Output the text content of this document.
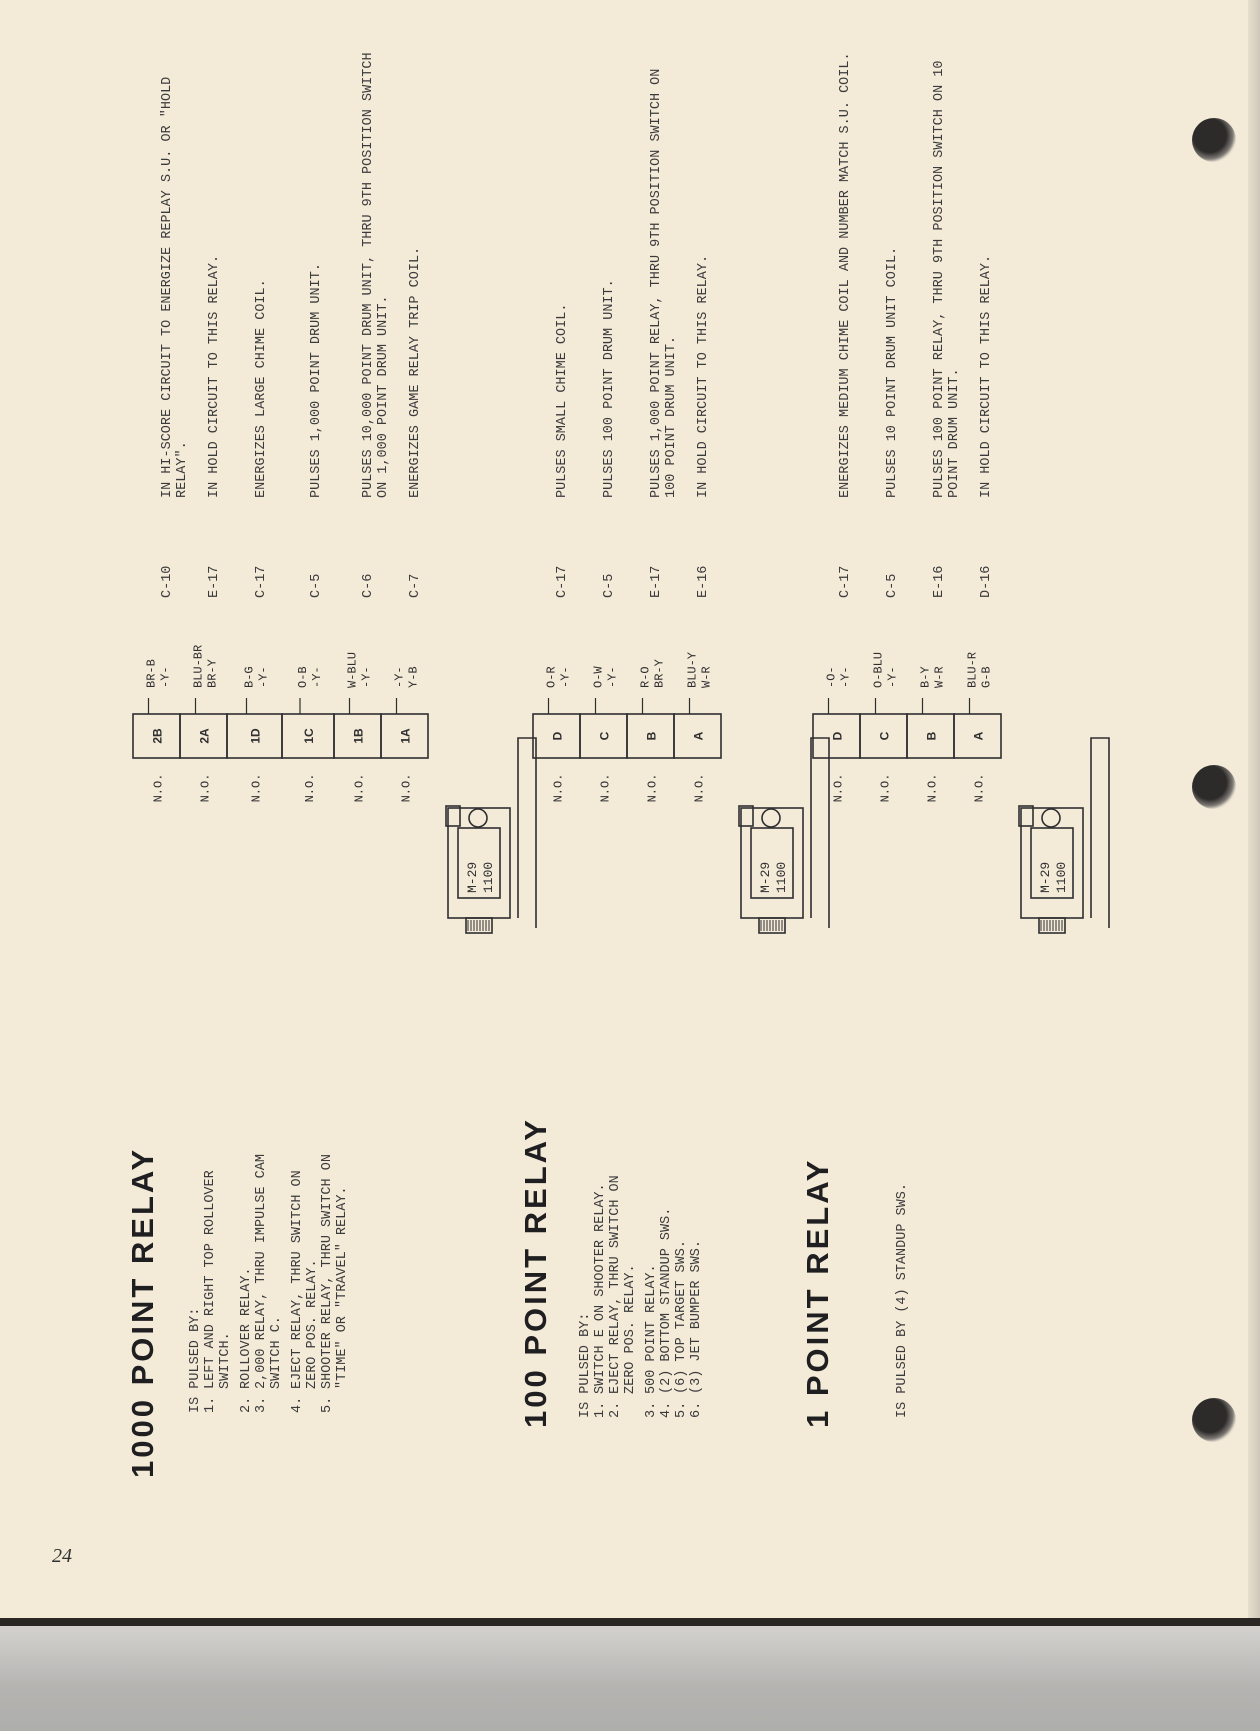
24
1000 POINT RELAY IS PULSED BY: 1.
LEFT AND RIGHT TOP ROLLOVER
SWITCH.
2.
ROLLOVER RELAY.
3.
2,000 RELAY, THRU IMPULSE CAM
SWITCH C.
4.
EJECT RELAY, THRU SWITCH ON
ZERO POS. RELAY.
5.
SHOOTER RELAY, THRU SWITCH ON
"TIME" OR "TRAVEL" RELAY.
M-29 1100
2B
N.O.
BR-B -Y-
2A
N.O.
BLU-BR BR-Y
1D
N.O.
B-G -Y-
1C
N.O.
O-B -Y-
1B
N.O.
W-BLU -Y-
1A
N.O.
-Y- Y-B
C-10
IN HI-SCORE CIRCUIT TO ENERGIZE REPLAY S.U. OR "HOLD
RELAY".
E-17
IN HOLD CIRCUIT TO THIS RELAY.
C-17
ENERGIZES LARGE CHIME COIL.
C-5
PULSES 1,000 POINT DRUM UNIT.
C-6
PULSES 10,000 POINT DRUM UNIT, THRU 9TH POSITION SWITCH
ON 1,000 POINT DRUM UNIT.
C-7
ENERGIZES GAME RELAY TRIP COIL.
100 POINT RELAY IS PULSED BY: 1.
SWITCH E ON SHOOTER RELAY.
2.
EJECT RELAY, THRU SWITCH ON
ZERO POS. RELAY.
3.
500 POINT RELAY.
4.
(2) BOTTOM STANDUP SWS.
5.
(6) TOP TARGET SWS.
6.
(3) JET BUMPER SWS.
M-29 1100
D
N.O.
O-R -Y-
C
N.O.
O-W -Y-
B
N.O.
R-O BR-Y
A
N.O.
BLU-Y W-R
C-17
PULSES SMALL CHIME COIL.
C-5
PULSES 100 POINT DRUM UNIT.
E-17
PULSES 1,000 POINT RELAY, THRU 9TH POSITION SWITCH ON
100 POINT DRUM UNIT.
E-16
IN HOLD CIRCUIT TO THIS RELAY.
1 POINT RELAY	IS PULSED BY (4) STANDUP SWS.
M-29 1100
D
N.O.
-O- -Y-
C
N.O.
O-BLU -Y-
B
N.O.
B-Y W-R
A
N.O.
BLU-R G-B
C-17
ENERGIZES MEDIUM CHIME COIL AND NUMBER MATCH S.U. COIL.
C-5
PULSES 10 POINT DRUM UNIT COIL.
E-16
PULSES 100 POINT RELAY, THRU 9TH POSITION SWITCH ON 10
POINT DRUM UNIT.
D-16
IN HOLD CIRCUIT TO THIS RELAY.
